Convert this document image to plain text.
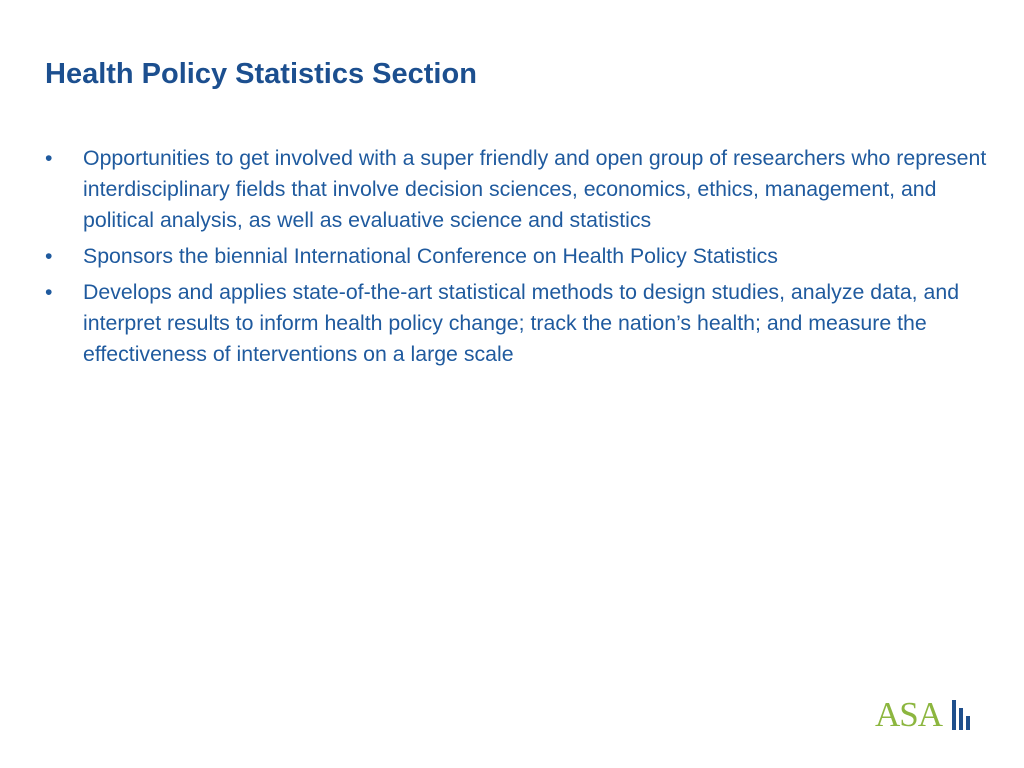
Health Policy Statistics Section
•	Opportunities to get involved with a super friendly and open group of researchers who represent interdisciplinary fields that involve decision sciences, economics, ethics, management, and political analysis, as well as evaluative science and statistics
•	Sponsors the biennial International Conference on Health Policy Statistics
•	Develops and applies state-of-the-art statistical methods to design studies, analyze data, and interpret results to inform health policy change; track the nation’s health; and measure the effectiveness of interventions on a large scale
ASA
